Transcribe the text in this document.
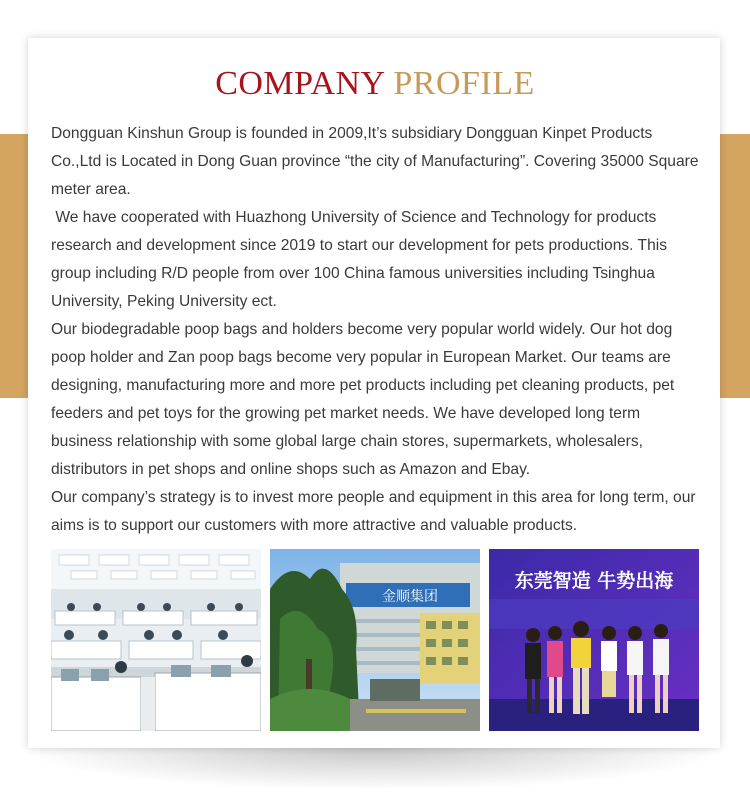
COMPANY PROFILE

Dongguan Kinshun Group is founded in 2009,It’s subsidiary Dongguan Kinpet Products Co.,Ltd is Located in Dong Guan province “the city of Manufacturing”. Covering 35000 Square meter area.

We have cooperated with Huazhong University of Science and Technology for products research and development since 2019 to start our development for pets productions. This group including R/D people from over 100 China famous universities including Tsinghua University, Peking University ect.

Our biodegradable poop bags and holders become very popular world widely. Our hot dog poop holder and Zan poop bags become very popular in European Market. Our teams are designing, manufacturing more and more pet products including pet cleaning products, pet feeders and pet toys for the growing pet market needs. We have developed long term business relationship with some global large chain stores, supermarkets, wholesalers, distributors in pet shops and online shops such as Amazon and Ebay.

Our company’s strategy is to invest more people and equipment in this area for long term, our aims is to support our customers with more attractive and valuable products.

金顺集团
东莞智造 牛势出海
